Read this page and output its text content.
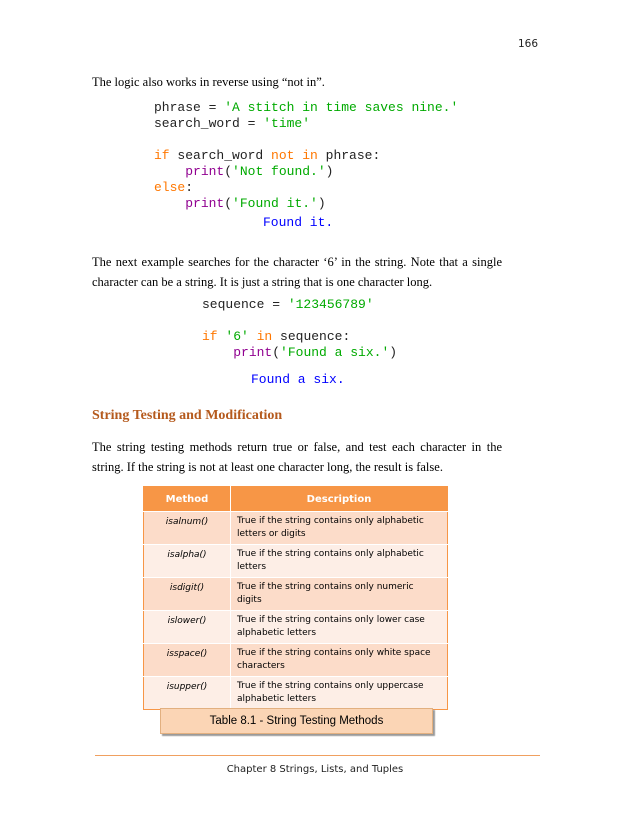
166
The logic also works in reverse using “not in”.
phrase = 'A stitch in time saves nine.'
search_word = 'time'

if search_word not in phrase:
print('Not found.')
else:
print('Found it.')
Found it.
The next example searches for the character ‘6’ in the string. Note that a single character can be a string. It is just a string that is one character long.
sequence = '123456789'

if '6' in sequence:
print('Found a six.')
Found a six.
String Testing and Modification
The string testing methods return true or false, and test each character in the string. If the string is not at least one character long, the result is false.
Method	Description
isalnum()	True if the string contains only alphabetic letters or digits
isalpha()	True if the string contains only alphabetic letters
isdigit()	True if the string contains only numeric digits
islower()	True if the string contains only lower case alphabetic letters
isspace()	True if the string contains only white space characters
isupper()	True if the string contains only uppercase alphabetic letters
Table 8.1 - String Testing Methods
Chapter 8 Strings, Lists, and Tuples
